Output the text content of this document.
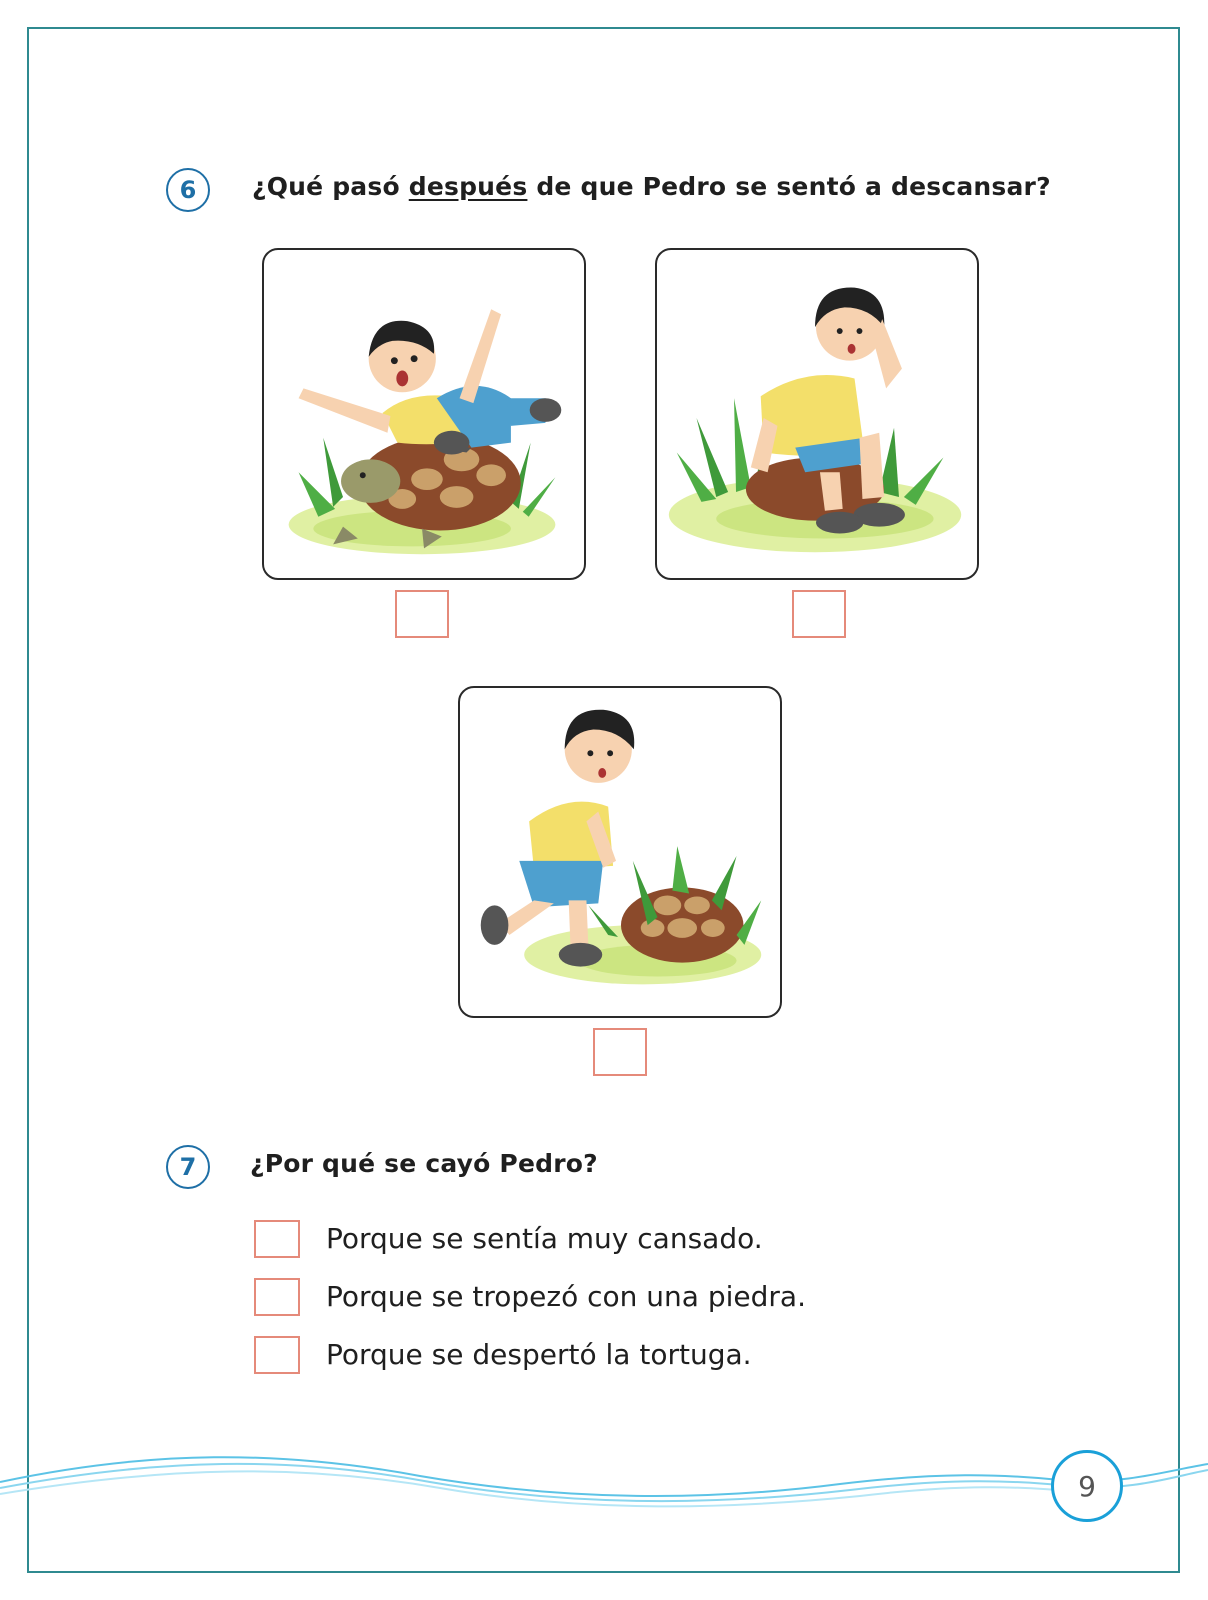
6 ¿Qué pasó después de que Pedro se sentó a descansar?
7 ¿Por qué se cayó Pedro?
Porque se sentía muy cansado.
Porque se tropezó con una piedra.
Porque se despertó la tortuga.
9
